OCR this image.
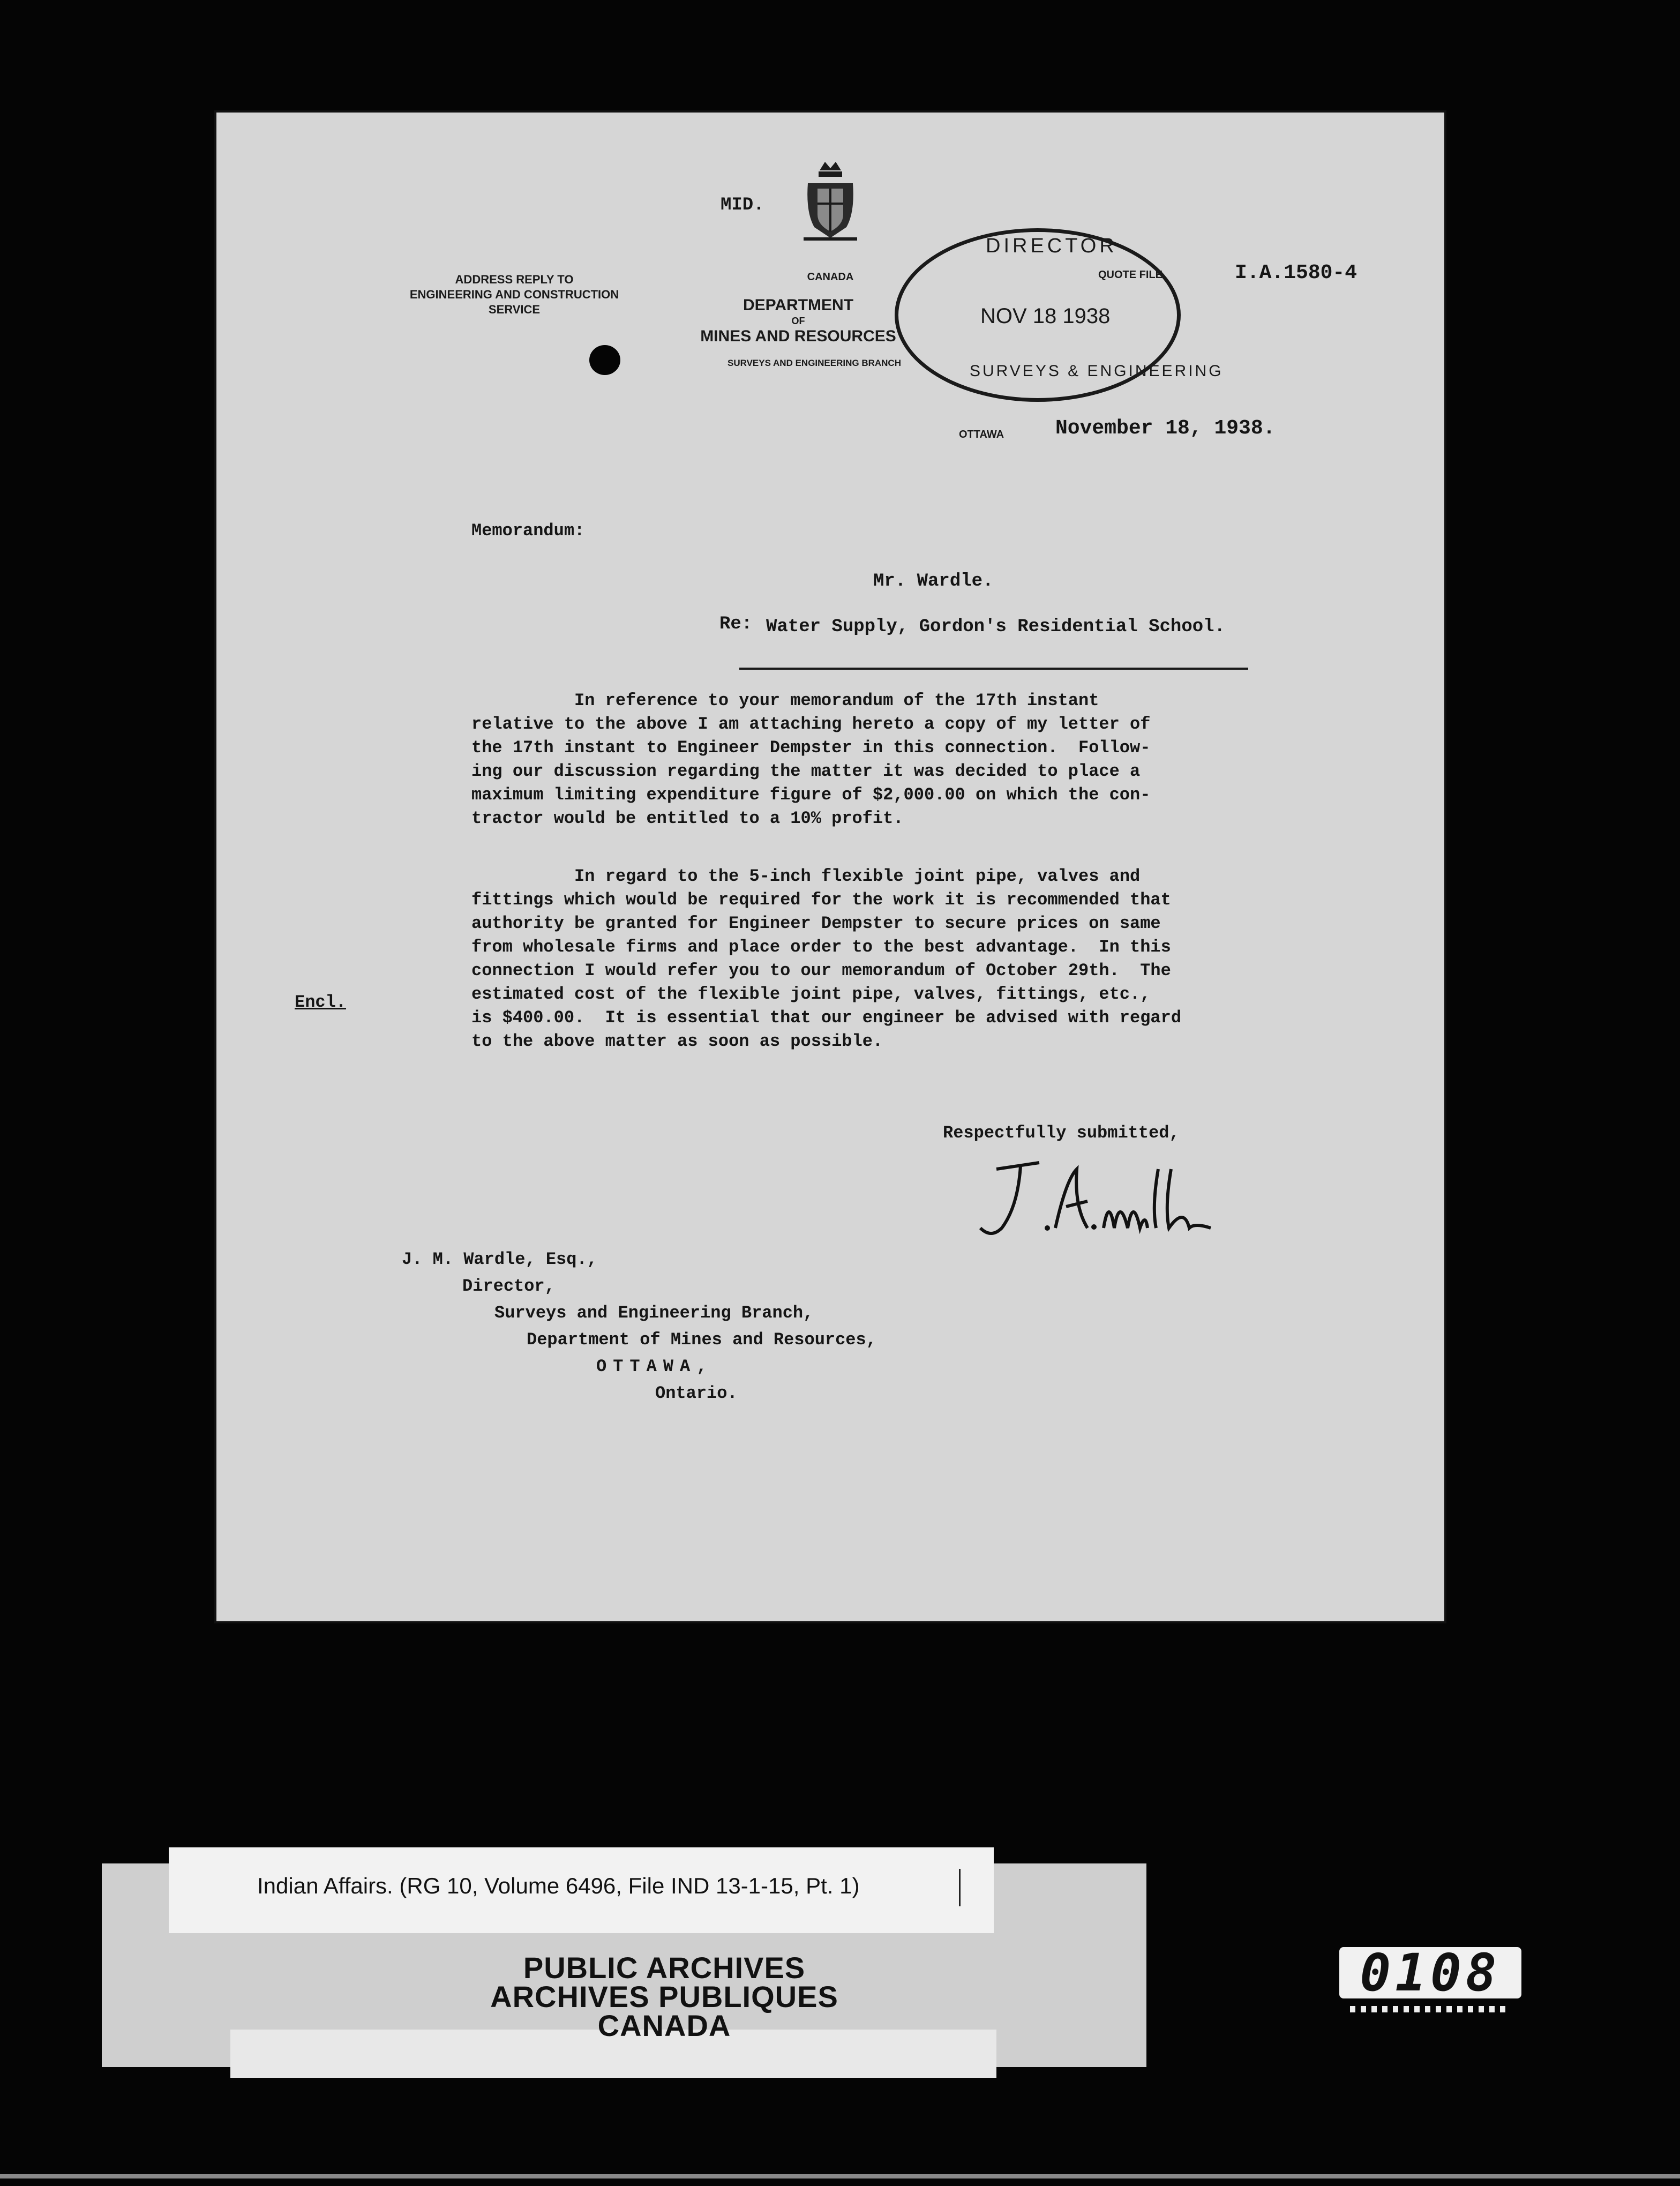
ADDRESS REPLY TO
ENGINEERING AND CONSTRUCTION
SERVICE
MID.
CANADA
DEPARTMENT
OF
MINES AND RESOURCES
SURVEYS AND ENGINEERING BRANCH
DIRECTOR
NOV 18 1938
SURVEYS & ENGINEERING
QUOTE FILE	I.A.1580-4
OTTAWA	November 18, 1938.
Memorandum:
Mr. Wardle.
Re: Water Supply, Gordon's Residential School.
In reference to your memorandum of the 17th instant
relative to the above I am attaching hereto a copy of my letter of
the 17th instant to Engineer Dempster in this connection.  Follow-
ing our discussion regarding the matter it was decided to place a
maximum limiting expenditure figure of $2,000.00 on which the con-
tractor would be entitled to a 10% profit.
In regard to the 5-inch flexible joint pipe, valves and
fittings which would be required for the work it is recommended that
authority be granted for Engineer Dempster to secure prices on same
from wholesale firms and place order to the best advantage.  In this
connection I would refer you to our memorandum of October 29th.  The
estimated cost of the flexible joint pipe, valves, fittings, etc.,
is $400.00.  It is essential that our engineer be advised with regard
to the above matter as soon as possible.
Encl.
Respectfully submitted,
J. M. Wardle, Esq.,
Director,
Surveys and Engineering Branch,
Department of Mines and Resources,
OTTAWA,
Ontario.
Indian Affairs. (RG 10, Volume 6496, File IND 13-1-15, Pt. 1)
PUBLIC ARCHIVES
ARCHIVES PUBLIQUES
CANADA
0108
